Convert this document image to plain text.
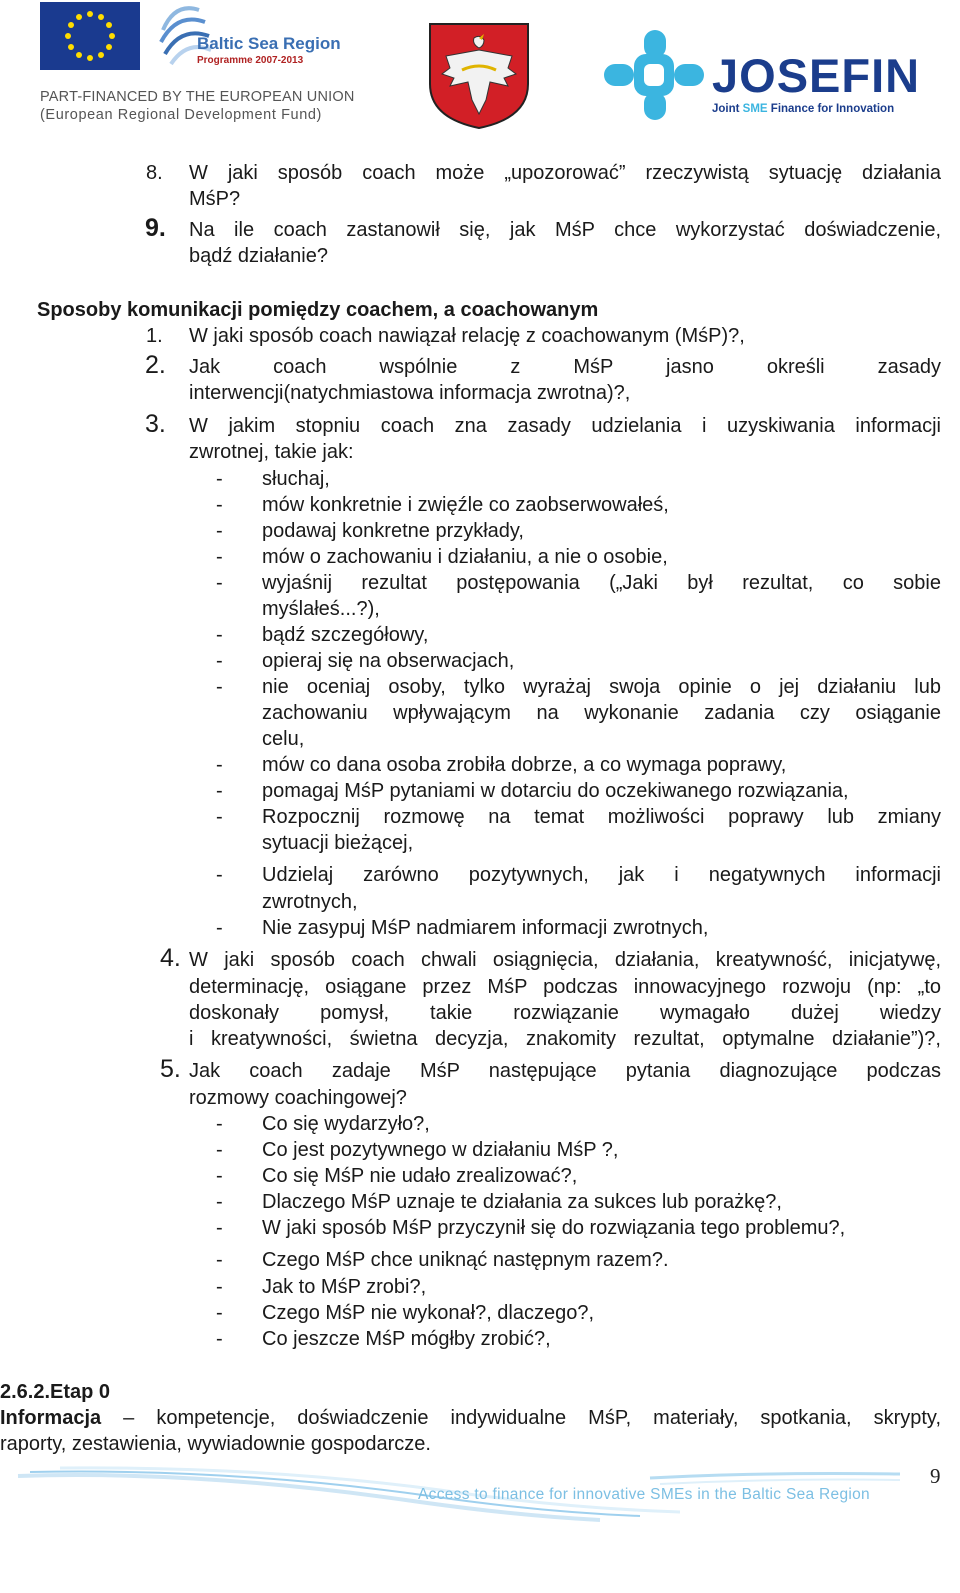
Baltic Sea Region
Programme 2007-2013
PART-FINANCED BY THE EUROPEAN UNION
(European Regional Development Fund)
JOSEFIN
Joint SME Finance for Innovation
8. W jaki sposób coach może „upozorować” rzeczywistą sytuację działania
MśP?
9. Na ile coach zastanowił się, jak MśP chce wykorzystać doświadczenie,
bądź działanie?
Sposoby komunikacji pomiędzy coachem, a coachowanym
1. W jaki sposób coach nawiązał relację z coachowanym (MśP)?,
2. Jak coach wspólnie z MśP jasno określi zasady
interwencji(natychmiastowa informacja zwrotna)?,
3. W jakim stopniu coach zna zasady udzielania i uzyskiwania informacji
zwrotnej, takie jak:
- słuchaj,
- mów konkretnie i zwięźle co zaobserwowałeś,
- podawaj konkretne przykłady,
- mów o zachowaniu i działaniu, a nie o osobie,
- wyjaśnij rezultat postępowania („Jaki był rezultat, co sobie
myślałeś...?),
- bądź szczegółowy,
- opieraj się na obserwacjach,
- nie oceniaj osoby, tylko wyrażaj swoja opinie o jej działaniu lub
zachowaniu wpływającym na wykonanie zadania czy osiąganie
celu,
- mów co dana osoba zrobiła dobrze, a co wymaga poprawy,
- pomagaj MśP pytaniami w dotarciu do oczekiwanego rozwiązania,
- Rozpocznij rozmowę na temat możliwości poprawy lub zmiany
sytuacji bieżącej,
- Udzielaj zarówno pozytywnych, jak i negatywnych informacji
zwrotnych,
- Nie zasypuj MśP nadmiarem informacji zwrotnych,
4. W jaki sposób coach chwali osiągnięcia, działania, kreatywność, inicjatywę,
determinację, osiągane przez MśP podczas innowacyjnego rozwoju (np: „to
doskonały pomysł, takie rozwiązanie wymagało dużej wiedzy
i kreatywności, świetna decyzja, znakomity rezultat, optymalne działanie”)?,
5. Jak coach zadaje MśP następujące pytania diagnozujące podczas
rozmowy coachingowej?
- Co się wydarzyło?,
- Co jest pozytywnego w działaniu MśP ?,
- Co się MśP nie udało zrealizować?,
- Dlaczego MśP uznaje te działania za sukces lub porażkę?,
- W jaki sposób MśP przyczynił się do rozwiązania tego problemu?,
- Czego MśP chce uniknąć następnym razem?.
- Jak to MśP zrobi?,
- Czego MśP nie wykonał?, dlaczego?,
- Co jeszcze MśP mógłby zrobić?,
2.6.2.Etap 0
Informacja – kompetencje, doświadczenie indywidualne MśP, materiały, spotkania, skrypty,
raporty, zestawienia, wywiadownie gospodarcze.
Access to finance for innovative SMEs in the Baltic Sea Region
9
